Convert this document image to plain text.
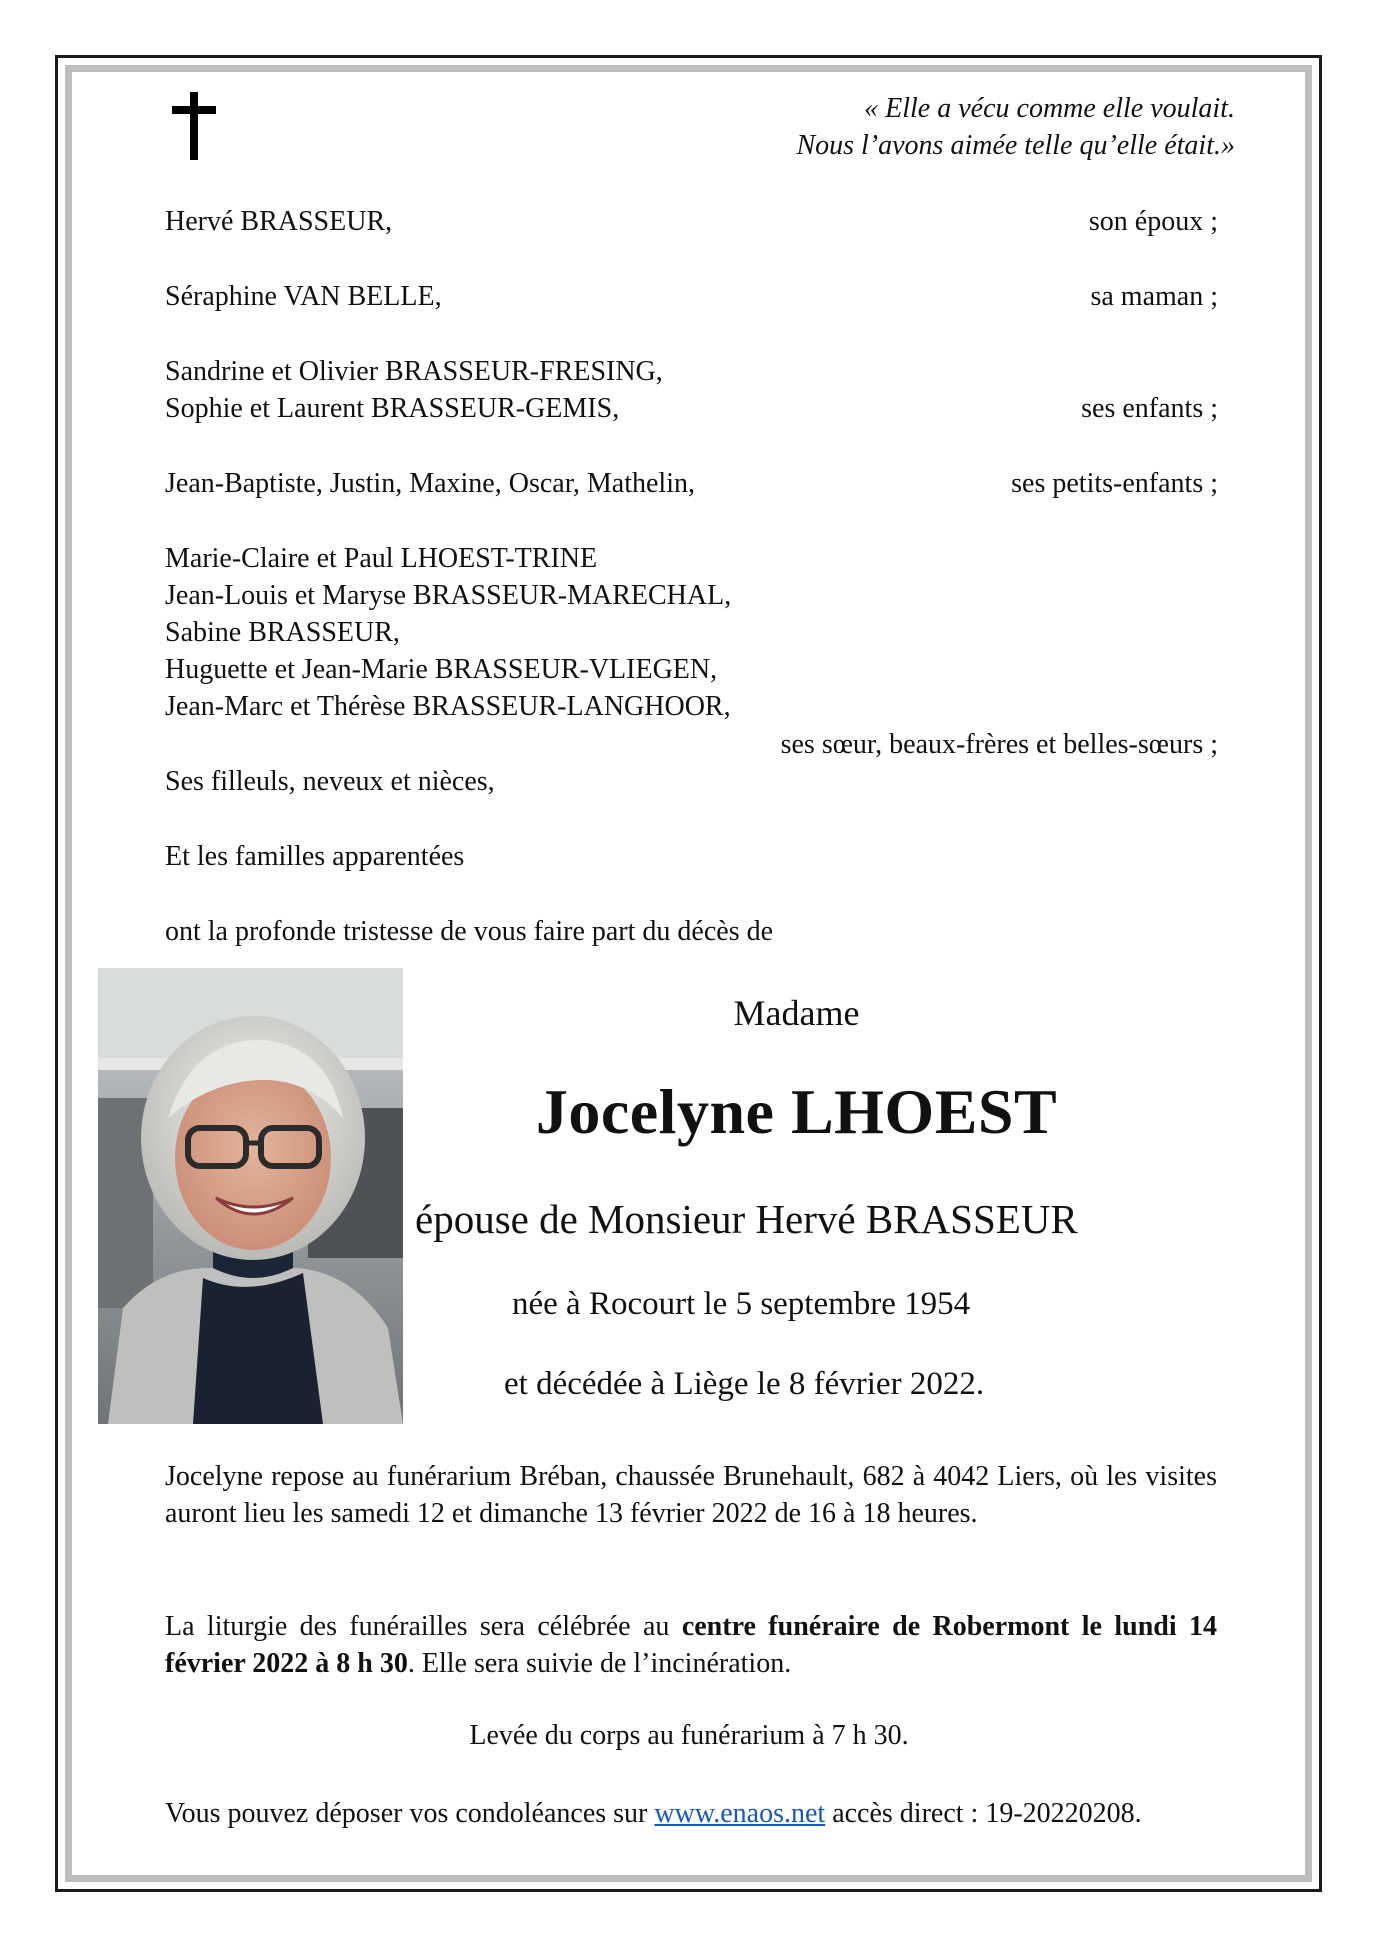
« Elle a vécu comme elle voulait.
Nous l’avons aimée telle qu’elle était.»
Hervé BRASSEUR,	son époux ;
Séraphine VAN BELLE,	sa maman ;
Sandrine et Olivier BRASSEUR-FRESING,
Sophie et Laurent BRASSEUR-GEMIS,	ses enfants ;
Jean-Baptiste, Justin, Maxine, Oscar, Mathelin,	ses petits-enfants ;
Marie-Claire et Paul LHOEST-TRINE
Jean-Louis et Maryse BRASSEUR-MARECHAL,
Sabine BRASSEUR,
Huguette et Jean-Marie BRASSEUR-VLIEGEN,
Jean-Marc et Thérèse BRASSEUR-LANGHOOR,
ses sœur, beaux-frères et belles-sœurs ;
Ses filleuls, neveux et nièces,
Et les familles apparentées
ont la profonde tristesse de vous faire part du décès de
Madame
Jocelyne LHOEST
épouse de Monsieur Hervé BRASSEUR
née à Rocourt le 5 septembre 1954
et décédée à Liège le 8 février 2022.
Jocelyne repose au funérarium Bréban, chaussée Brunehault, 682 à 4042 Liers, où les visites auront lieu les samedi 12 et dimanche 13 février 2022 de 16 à 18 heures.
La liturgie des funérailles sera célébrée au centre funéraire de Robermont le lundi 14 février 2022 à 8 h 30. Elle sera suivie de l’incinération.
Levée du corps au funérarium à 7 h 30.
Vous pouvez déposer vos condoléances sur www.enaos.net accès direct : 19-20220208.
